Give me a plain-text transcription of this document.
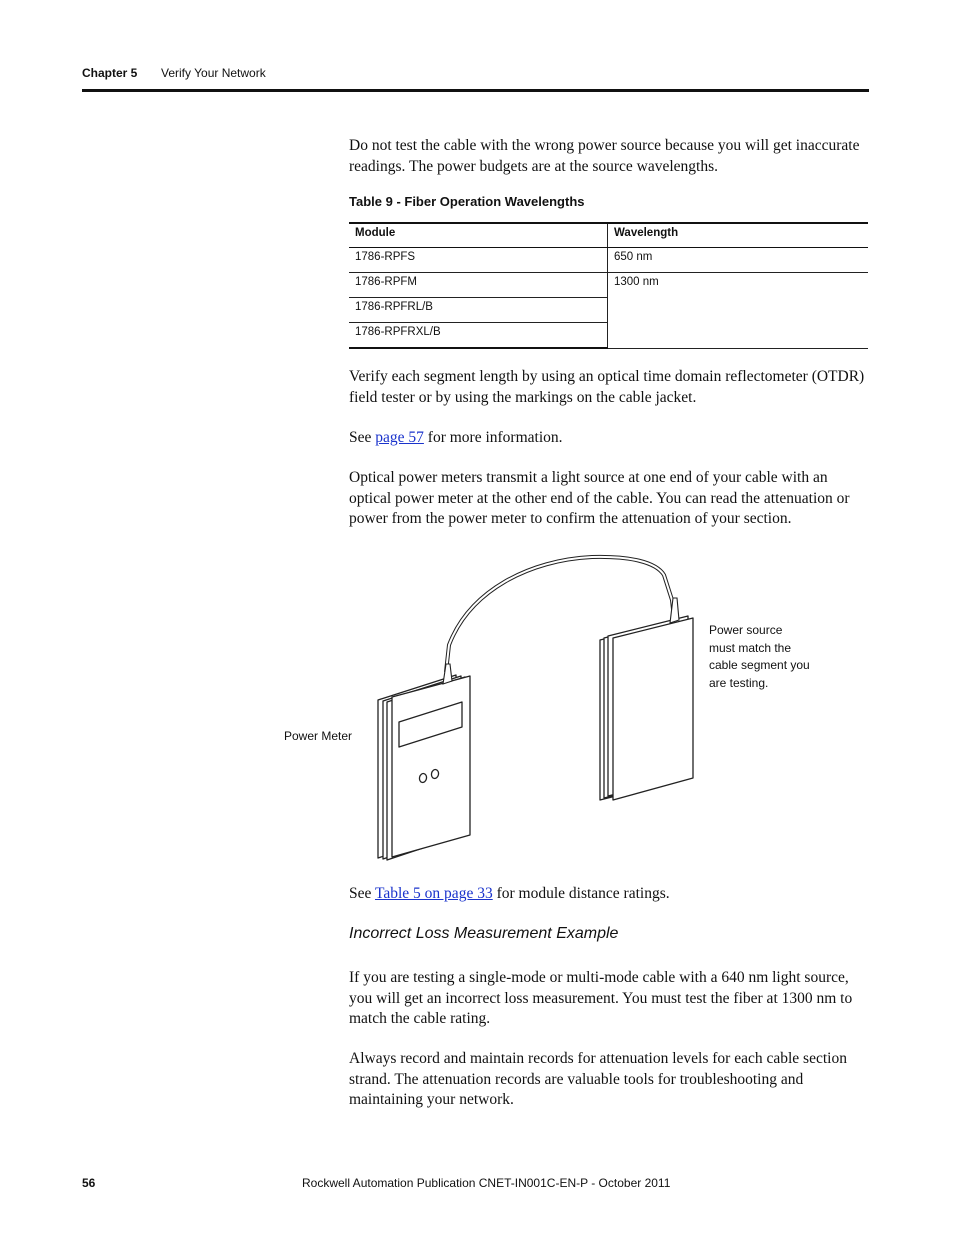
Chapter 5 Verify Your Network
Do not test the cable with the wrong power source because you will get inaccurate readings. The power budgets are at the source wavelengths.
Table 9 - Fiber Operation Wavelengths
Module	Wavelength
1786-RPFS	650 nm
1786-RPFM	1300 nm
1786-RPFRL/B	
1786-RPFRXL/B	
Verify each segment length by using an optical time domain reflectometer (OTDR) field tester or by using the markings on the cable jacket.
See page 57 for more information.
Optical power meters transmit a light source at one end of your cable with an optical power meter at the other end of the cable. You can read the attenuation or power from the power meter to confirm the attenuation of your section.
Power Meter
Power source
must match the
cable segment you
are testing.
See Table 5 on page 33 for module distance ratings.
Incorrect Loss Measurement Example
If you are testing a single-mode or multi-mode cable with a 640 nm light source, you will get an incorrect loss measurement. You must test the fiber at 1300 nm to match the cable rating.
Always record and maintain records for attenuation levels for each cable section strand. The attenuation records are valuable tools for troubleshooting and maintaining your network.
56	Rockwell Automation Publication CNET-IN001C-EN-P - October 2011
